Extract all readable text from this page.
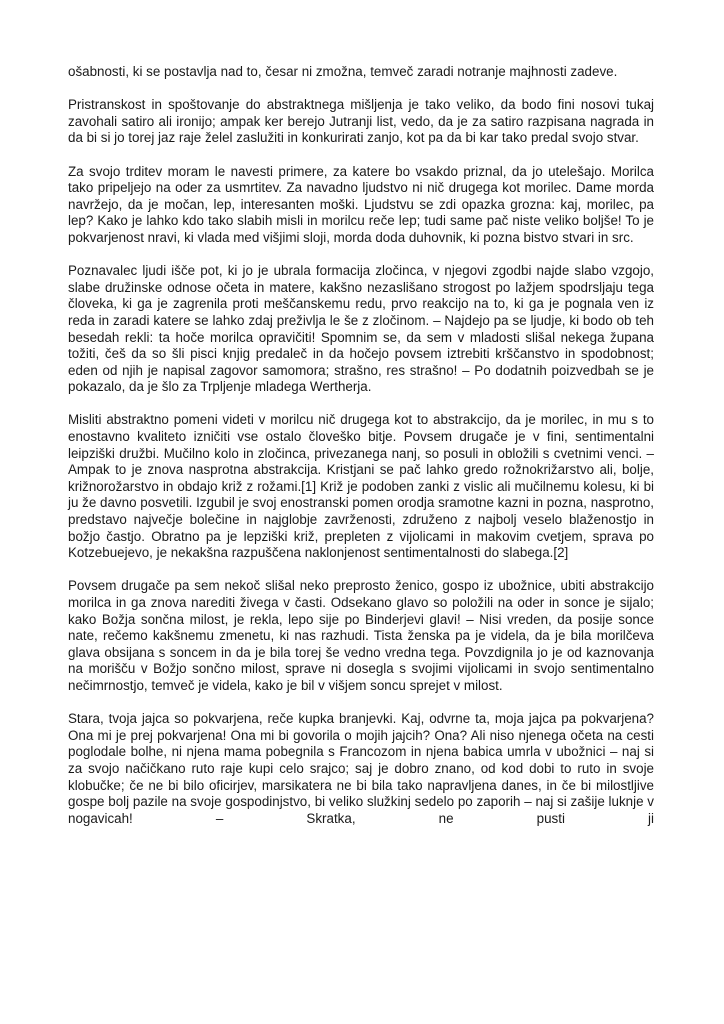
ošabnosti, ki se postavlja nad to, česar ni zmožna, temveč zaradi notranje majhnosti zadeve.

Pristranskost in spoštovanje do abstraktnega mišljenja je tako veliko, da bodo fini nosovi tukaj zavohali satiro ali ironijo; ampak ker berejo Jutranji list, vedo, da je za satiro razpisana nagrada in da bi si jo torej jaz raje želel zaslužiti in konkurirati zanjo, kot pa da bi kar tako predal svojo stvar.

Za svojo trditev moram le navesti primere, za katere bo vsakdo priznal, da jo utelešajo. Morilca tako pripeljejo na oder za usmrtitev. Za navadno ljudstvo ni nič drugega kot morilec. Dame morda navržejo, da je močan, lep, interesanten moški. Ljudstvu se zdi opazka grozna: kaj, morilec, pa lep? Kako je lahko kdo tako slabih misli in morilcu reče lep; tudi same pač niste veliko boljše! To je pokvarjenost nravi, ki vlada med višjimi sloji, morda doda duhovnik, ki pozna bistvo stvari in src.

Poznavalec ljudi išče pot, ki jo je ubrala formacija zločinca, v njegovi zgodbi najde slabo vzgojo, slabe družinske odnose očeta in matere, kakšno nezaslišano strogost po lažjem spodrsljaju tega človeka, ki ga je zagrenila proti meščanskemu redu, prvo reakcijo na to, ki ga je pognala ven iz reda in zaradi katere se lahko zdaj preživlja le še z zločinom. – Najdejo pa se ljudje, ki bodo ob teh besedah rekli: ta hoče morilca opravičiti! Spomnim se, da sem v mladosti slišal nekega župana tožiti, češ da so šli pisci knjig predaleč in da hočejo povsem iztrebiti krščanstvo in spodobnost; eden od njih je napisal zagovor samomora; strašno, res strašno! – Po dodatnih poizvedbah se je pokazalo, da je šlo za Trpljenje mladega Wertherja.

Misliti abstraktno pomeni videti v morilcu nič drugega kot to abstrakcijo, da je morilec, in mu s to enostavno kvaliteto izničiti vse ostalo človeško bitje. Povsem drugače je v fini, sentimentalni leipziški družbi. Mučilno kolo in zločinca, privezanega nanj, so posuli in obložili s cvetnimi venci. – Ampak to je znova nasprotna abstrakcija. Kristjani se pač lahko gredo rožnokrižarstvo ali, bolje, križnorožarstvo in obdajo križ z rožami.[1] Križ je podoben zanki z vislic ali mučilnemu kolesu, ki bi ju že davno posvetili. Izgubil je svoj enostranski pomen orodja sramotne kazni in pozna, nasprotno, predstavo največje bolečine in najglobje zavrženosti, združeno z najbolj veselo blaženostjo in božjo častjo. Obratno pa je lepziški križ, prepleten z vijolicami in makovim cvetjem, sprava po Kotzebuejevo, je nekakšna razpuščena naklonjenost sentimentalnosti do slabega.[2]

Povsem drugače pa sem nekoč slišal neko preprosto ženico, gospo iz ubožnice, ubiti abstrakcijo morilca in ga znova narediti živega v časti. Odsekano glavo so položili na oder in sonce je sijalo; kako Božja sončna milost, je rekla, lepo sije po Binderjevi glavi! – Nisi vreden, da posije sonce nate, rečemo kakšnemu zmenetu, ki nas razhudi. Tista ženska pa je videla, da je bila morilčeva glava obsijana s soncem in da je bila torej še vedno vredna tega. Povzdignila jo je od kaznovanja na morišču v Božjo sončno milost, sprave ni dosegla s svojimi vijolicami in svojo sentimentalno nečimrnostjo, temveč je videla, kako je bil v višjem soncu sprejet v milost.

Stara, tvoja jajca so pokvarjena, reče kupka branjevki. Kaj, odvrne ta, moja jajca pa pokvarjena? Ona mi je prej pokvarjena! Ona mi bi govorila o mojih jajcih? Ona? Ali niso njenega očeta na cesti poglodale bolhe, ni njena mama pobegnila s Francozom in njena babica umrla v ubožnici – naj si za svojo načičkano ruto raje kupi celo srajco; saj je dobro znano, od kod dobi to ruto in svoje klobučke; če ne bi bilo oficirjev, marsikatera ne bi bila tako napravljena danes, in če bi milostljive gospe bolj pazile na svoje gospodinjstvo, bi veliko služkinj sedelo po zaporih – naj si zašije luknje v nogavicah! – Skratka, ne pusti ji
